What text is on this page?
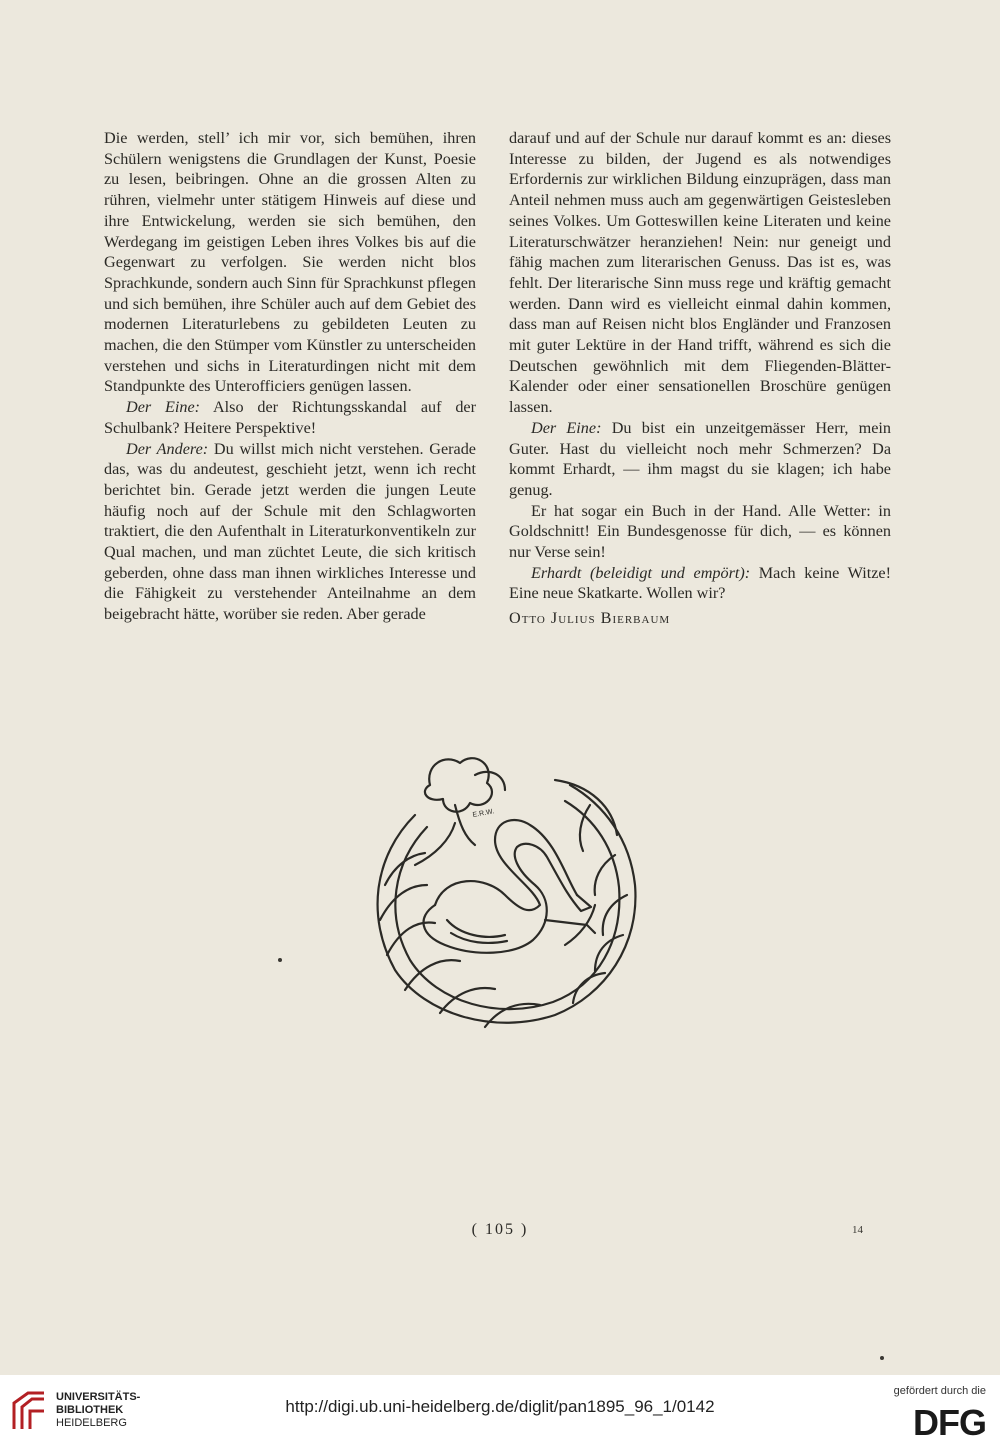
Die werden, stell’ ich mir vor, sich bemühen, ihren Schülern wenigstens die Grundlagen der Kunst, Poesie zu lesen, beibringen. Ohne an die grossen Alten zu rühren, vielmehr unter stätigem Hinweis auf diese und ihre Entwickelung, werden sie sich bemühen, den Werdegang im geistigen Leben ihres Volkes bis auf die Gegenwart zu verfolgen. Sie werden nicht blos Sprachkunde, sondern auch Sinn für Sprachkunst pflegen und sich bemühen, ihre Schüler auch auf dem Gebiet des modernen Literaturlebens zu gebildeten Leuten zu machen, die den Stümper vom Künstler zu unterscheiden verstehen und sichs in Literaturdingen nicht mit dem Standpunkte des Unterofficiers genügen lassen.

Der Eine: Also der Richtungsskandal auf der Schulbank? Heitere Perspektive!

Der Andere: Du willst mich nicht verstehen. Gerade das, was du andeutest, geschieht jetzt, wenn ich recht berichtet bin. Gerade jetzt werden die jungen Leute häufig noch auf der Schule mit den Schlagworten traktiert, die den Aufenthalt in Literaturkonventikeln zur Qual machen, und man züchtet Leute, die sich kritisch geberden, ohne dass man ihnen wirkliches Interesse und die Fähigkeit zu verstehender Anteilnahme an dem beigebracht hätte, worüber sie reden. Aber gerade

darauf und auf der Schule nur darauf kommt es an: dieses Interesse zu bilden, der Jugend es als notwendiges Erfordernis zur wirklichen Bildung einzuprägen, dass man Anteil nehmen muss auch am gegenwärtigen Geistesleben seines Volkes. Um Gotteswillen keine Literaten und keine Literaturschwätzer heranziehen! Nein: nur geneigt und fähig machen zum literarischen Genuss. Das ist es, was fehlt. Der literarische Sinn muss rege und kräftig gemacht werden. Dann wird es vielleicht einmal dahin kommen, dass man auf Reisen nicht blos Engländer und Franzosen mit guter Lektüre in der Hand trifft, während es sich die Deutschen gewöhnlich mit dem Fliegenden-Blätter-Kalender oder einer sensationellen Broschüre genügen lassen.

Der Eine: Du bist ein unzeitgemässer Herr, mein Guter. Hast du vielleicht noch mehr Schmerzen? Da kommt Erhardt, — ihm magst du sie klagen; ich habe genug.

Er hat sogar ein Buch in der Hand. Alle Wetter: in Goldschnitt! Ein Bundesgenosse für dich, — es können nur Verse sein!

Erhardt (beleidigt und empört): Mach keine Witze! Eine neue Skatkarte. Wollen wir?

Otto Julius Bierbaum

E.R.W.
( 105 )	14
UNIVERSITÄTS-
BIBLIOTHEK
HEIDELBERG
http://digi.ub.uni-heidelberg.de/diglit/pan1895_96_1/0142
gefördert durch die
DFG
